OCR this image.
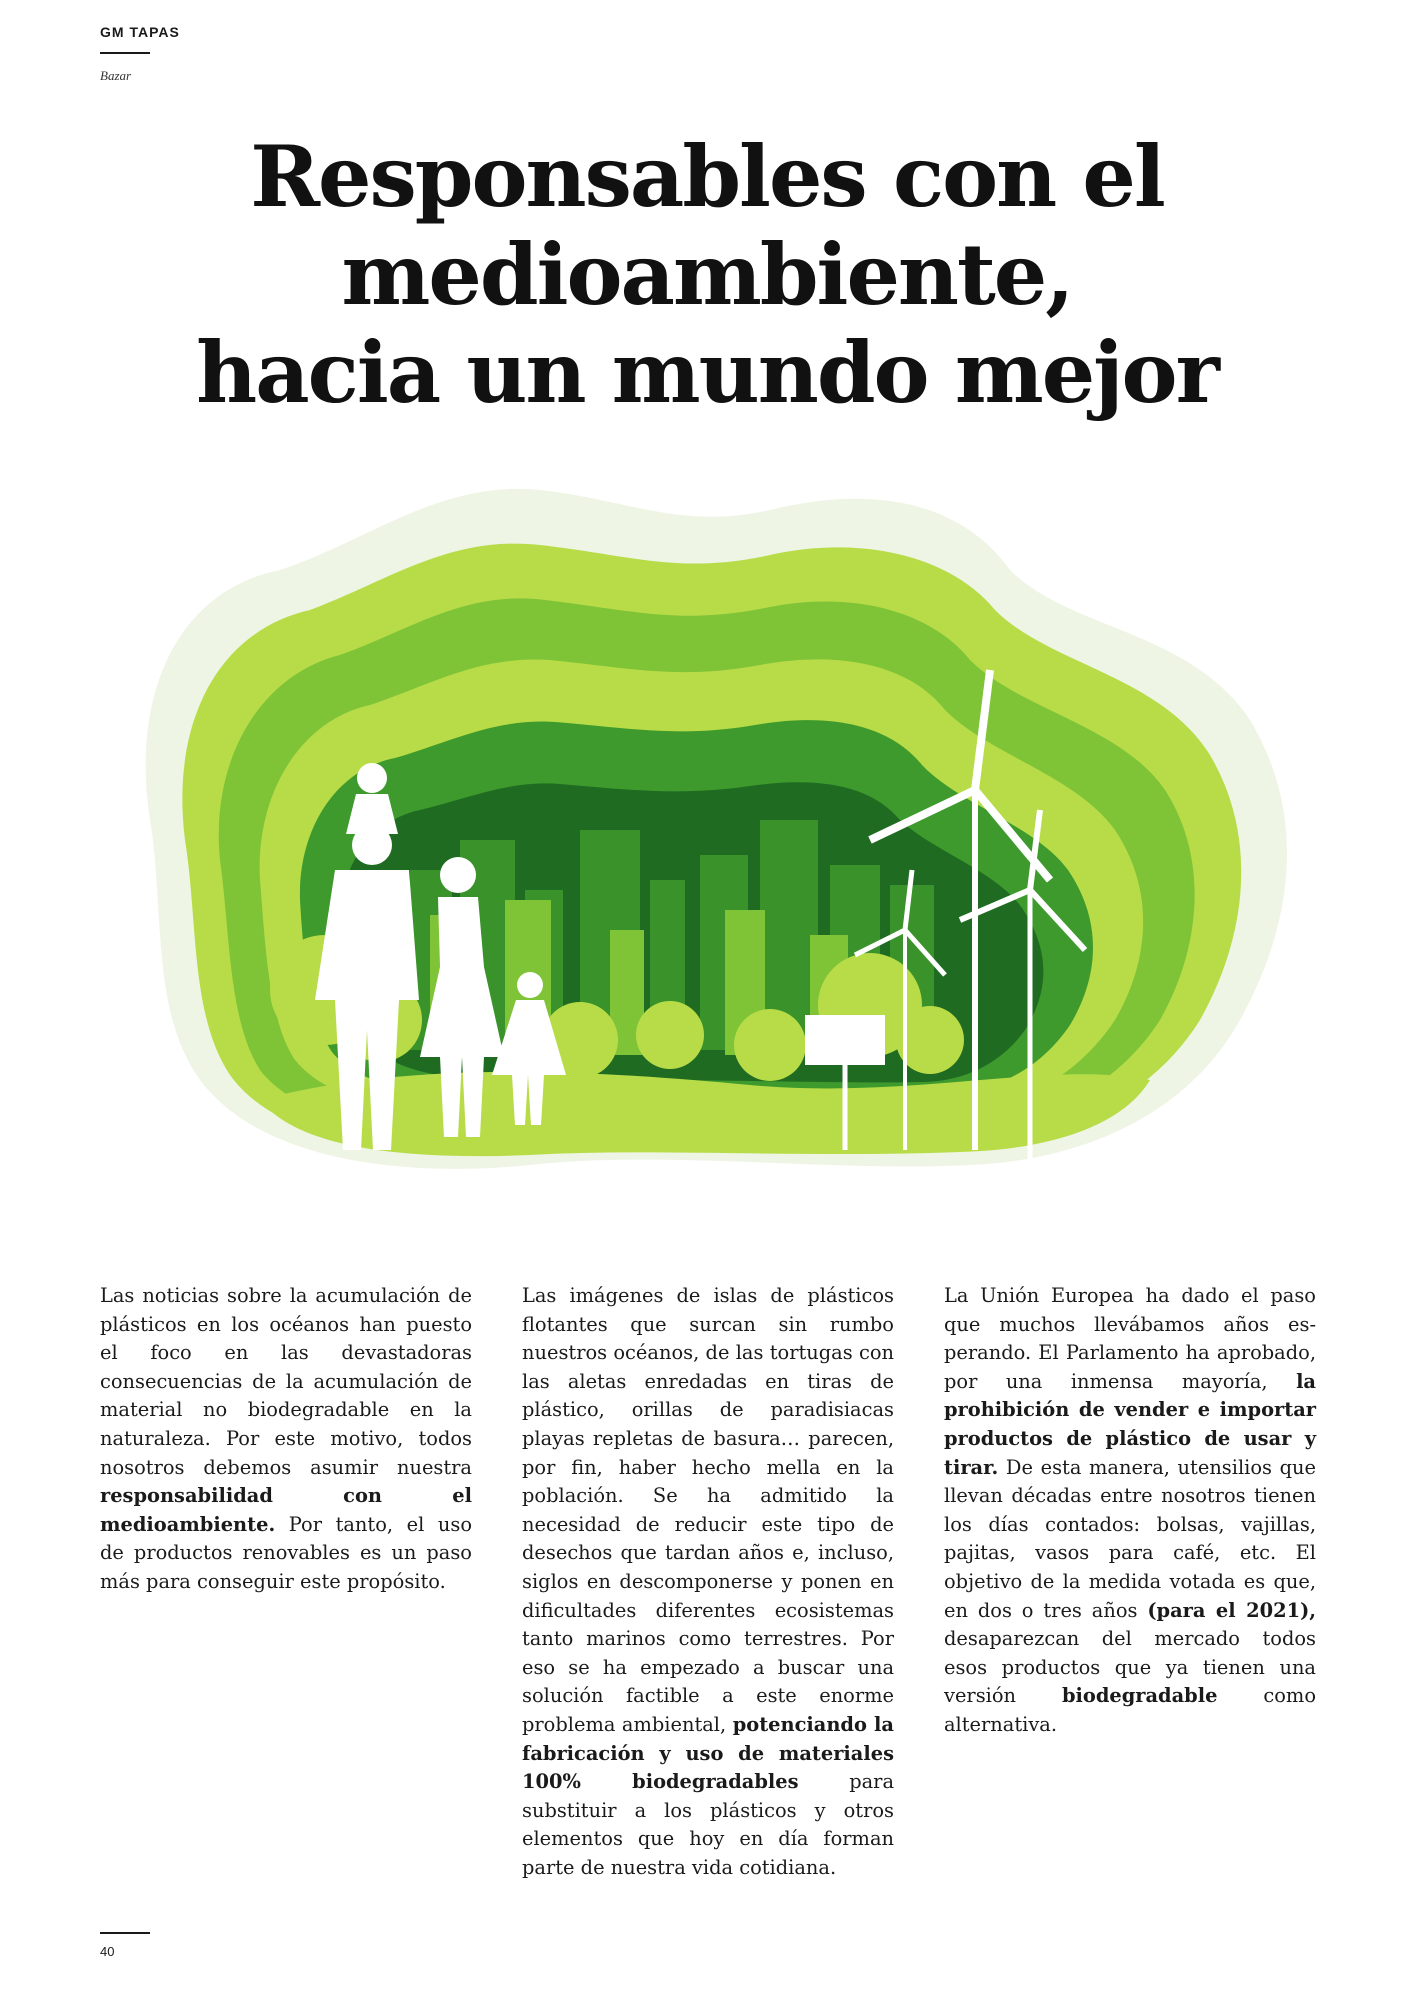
GM TAPAS
Bazar
Responsables con el
medioambiente,
hacia un mundo mejor

Las noticias sobre la acumulación de plásticos en los océanos han puesto el foco en las devastadoras consecuencias de la acumulación de material no biodegradable en la naturaleza. Por este motivo, todos nosotros debemos asumir nuestra responsabilidad con el medioambiente. Por tanto, el uso de productos renovables es un paso más para conseguir este propósito.

Las imágenes de islas de plásticos flotantes que surcan sin rumbo nuestros océanos, de las tortugas con las aletas enredadas en tiras de plástico, orillas de paradisiacas playas repletas de basura… parecen, por fin, haber hecho mella en la población. Se ha admitido la necesidad de reducir este tipo de desechos que tardan años e, incluso, siglos en descomponerse y ponen en dificultades diferentes ecosistemas tanto marinos como terrestres. Por eso se ha empezado a buscar una solución factible a este enorme problema ambiental, potenciando la fabricación y uso de materiales 100% biodegradables para substituir a los plásticos y otros elementos que hoy en día forman parte de nuestra vida cotidiana.

La Unión Europea ha dado el paso que muchos llevábamos años esperando. El Parlamento ha aprobado, por una inmensa mayoría, la prohibición de vender e importar productos de plástico de usar y tirar. De esta manera, utensilios que llevan décadas entre nosotros tienen los días contados: bolsas, vajillas, pajitas, vasos para café, etc. El objetivo de la medida votada es que, en dos o tres años (para el 2021), desaparezcan del mercado todos esos productos que ya tienen una versión biodegradable como alternativa.

40
